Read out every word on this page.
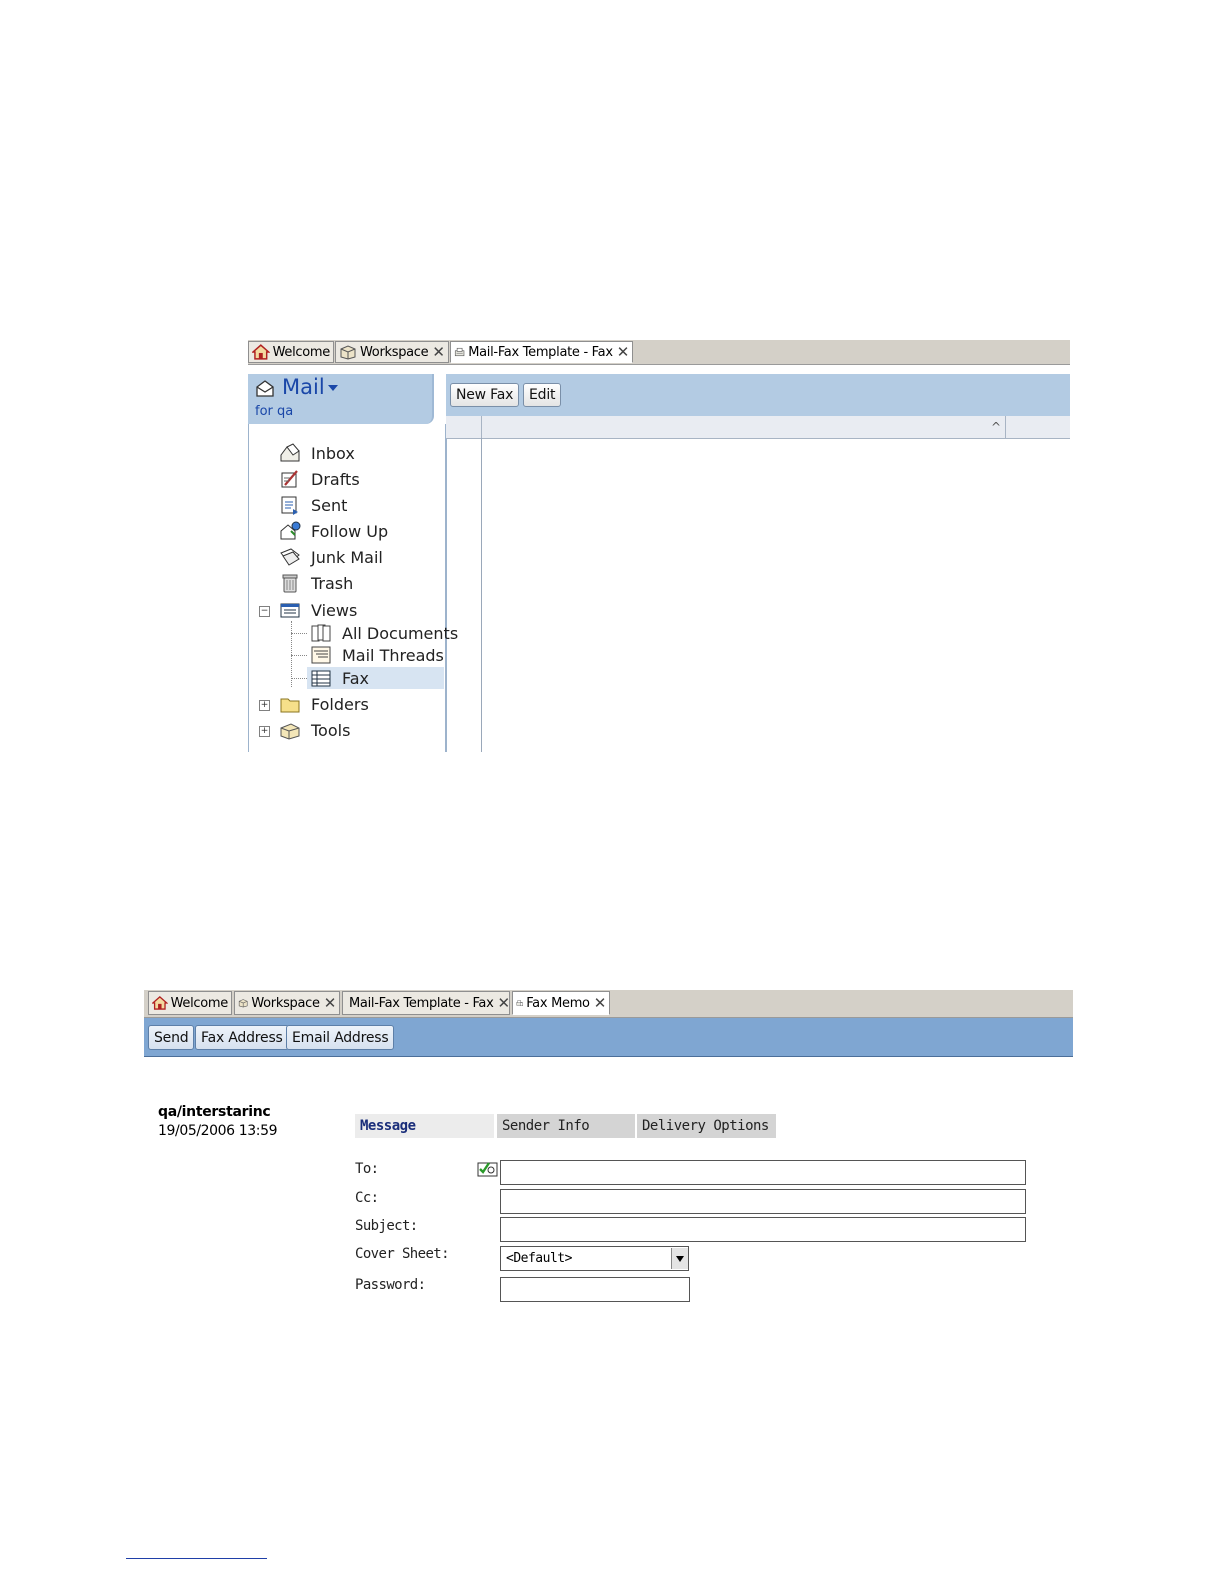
Welcome Workspace ✕ Mail-Fax Template - Fax ✕
Mail
for qa
Inbox
Drafts
Sent
Follow Up
Junk Mail
Trash
−	Views
All Documents
Mail Threads
Fax
+	Folders
+	Tools
New Fax	Edit
^
Welcome Workspace ✕ Mail-Fax Template - Fax ✕ Fax Memo ✕
Send Fax Address Email Address
qa/interstarinc
19/05/2006 13:59	Message	Sender Info	Delivery Options
To:
Cc:
Subject:
Cover Sheet:	<Default>
Password:
